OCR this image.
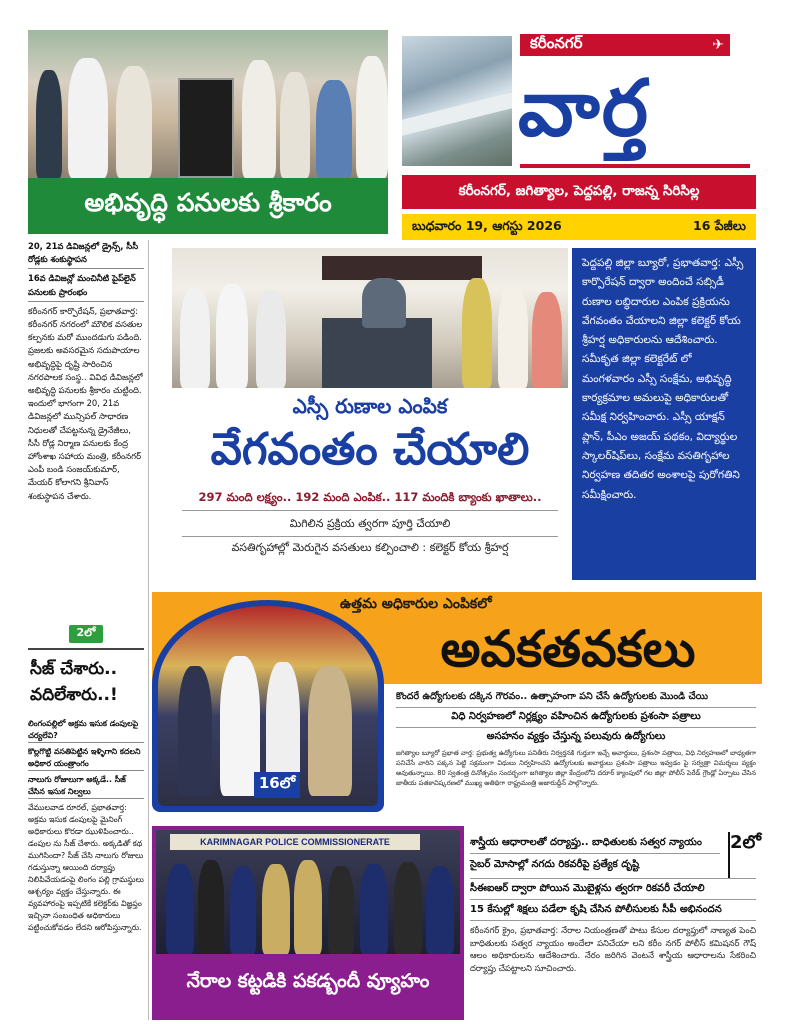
అభివృద్ధి పనులకు శ్రీకారం
కరీంనగర్	✈
వార్త
కరీంనగర్, జగిత్యాల, పెద్దపల్లి, రాజన్న సిరిసిల్ల
బుధవారం 19, ఆగస్టు 2026	16 పేజీలు

20, 21వ డివిజన్లలో డ్రైన్స్, సీసీ రోడ్లకు శంకుస్థాపన

16వ డివిజన్లో మంచినీటి పైప్‌లైన్ పనులకు ప్రారంభం

కరీంనగర్ కార్పొరేషన్, ప్రభాతవార్త: కరీంనగర్ నగరంలో మౌలిక వసతుల కల్పనకు మరో ముందడుగు పడింది. ప్రజలకు అవసరమైన సదుపాయాల అభివృద్ధిపై దృష్టి సారించిన నగరపాలక సంస్థ.. వివిధ డివిజన్లలో అభివృద్ధి పనులకు శ్రీకారం చుట్టింది. ఇందులో భాగంగా 20, 21వ డివిజన్లలో మున్సిపల్ సాధారణ నిధులతో చేపట్టనున్న డ్రైనేజీలు, సీసీ రోడ్ల నిర్మాణ పనులకు కేంద్ర హోంశాఖ సహాయ మంత్రి, కరీంనగర్ ఎంపీ బండి సంజయ్‌కుమార్, మేయర్ కోలాగని శ్రీనివాస్ శంకుస్థాపన చేశారు.

2లో
సీజ్ చేశారు.. వదిలేశారు..!

లింగంపల్లిలో అక్రమ ఇసుక డంపులపై చర్యలేవి?

కొల్లగొట్టి వసతిపెట్టిన ఇళ్ళిగాని కదలని అధికార యంత్రాంగం

నాలుగు రోజులుగా అక్కడే.. సీజ్ చేసిన ఇసుక నిల్వలు

వేములవాడ రూరల్, ప్రభాతవార్త: అక్రమ ఇసుక డంపులపై మైనింగ్ అధికారులు కొరడా ఝుళిపించారు.. డంపుల ను సీజ్ చేశారు. అక్కడితో కథ ముగిసిందా? సీజ్ చేసి నాలుగు రోజులు గడుస్తున్నా ఆయింది దర్యాప్తు నిలిపివేయడంపై లింగం పల్లి గ్రామస్థులు ఆశ్చర్యం వ్యక్తం చేస్తున్నారు. ఈ వ్యవహారంపై ఇప్పటికే కలెక్టర్‌కు విజ్ఞప్తం ఇచ్చినా సంబంధిత అధికారులు పట్టించుకోవడం లేదని ఆరోపిస్తున్నారు.

ఎస్సీ రుణాల ఎంపిక
వేగవంతం చేయాలి
297 మంది లక్ష్యం.. 192 మంది ఎంపిక.. 117 మందికి బ్యాంకు ఖాతాలు..
మిగిలిన ప్రక్రియ త్వరగా పూర్తి చేయాలి
వసతిగృహాల్లో మెరుగైన వసతులు కల్పించాలి : కలెక్టర్ కోయ శ్రీహర్ష
పెద్దపల్లి జిల్లా బ్యూరో, ప్రభాతవార్త: ఎస్సీ కార్పొరేషన్ ద్వారా అందించే సబ్సిడీ రుణాల లబ్ధిదారుల ఎంపిక ప్రక్రియను వేగవంతం చేయాలని జిల్లా కలెక్టర్ కోయ శ్రీహర్ష అధికారులను ఆదేశించారు. సమీకృత జిల్లా కలెక్టరేట్ లో మంగళవారం ఎస్సీ సంక్షేమ, అభివృద్ధి కార్యక్రమాల అమలుపై అధికారులతో సమీక్ష నిర్వహించారు. ఎస్సీ యాక్షన్ ప్లాన్, పీఎం అజయ్ పథకం, విద్యార్థుల స్కాలర్‌షిప్‌లు, సంక్షేమ వసతిగృహాల నిర్వహణ తదితర అంశాలపై పురోగతిని సమీక్షించారు.
ఉత్తమ అధికారుల ఎంపికలో
అవకతవకలు
16లో
కొందరే ఉద్యోగులకు దక్కిన గౌరవం.. ఉత్సాహంగా పని చేసే ఉద్యోగులకు మొండి చేయి
విధి నిర్వహణలో నిర్లక్ష్యం వహించిన ఉద్యోగులకు ప్రశంసా పత్రాలు
అసహనం వ్యక్తం చేస్తున్న పలువురు ఉద్యోగులు
జగిత్యాల బ్యూరో ప్రభాత వార్త: ప్రభుత్వ ఉద్యోగులు పనితీరు నిర్వర్తనకి గుర్తుగా ఇచ్చే అవార్డులు, ప్రశంసా పత్రాలు, విధి నిర్వహణలో బాధ్యతగా పనిచేసే వారిని పక్కన పెట్టి సక్రమంగా విధులు నిర్వహించని ఉద్యోగులకు అవార్డులు ప్రశంసా పత్రాలు ఇవ్వడం పై సర్వత్రా విమర్శలు వ్యక్తం అవుతున్నాయి. 80 స్వతంత్ర దినోత్సవం సందర్భంగా జగిత్యాల జిల్లా కేంద్రంలోని దరూర్ క్యాంపులో గల జిల్లా పోలీస్ పెరేడ్ గ్రౌండ్లో ఏర్పాటు చేసిన జాతీయ పతకావిష్కరణలో ముఖ్య అతిథిగా రాష్ట్రమంత్రి అజారుద్దీన్ పాల్గొన్నారు.
KARIMNAGAR POLICE COMMISSIONERATE
నేరాల కట్టడికి పకడ్బందీ వ్యూహం
శాస్త్రీయ ఆధారాలతో దర్యాప్తు.. బాధితులకు సత్వర న్యాయం
సైబర్ మోసాల్లో నగదు రికవరీపై ప్రత్యేక దృష్టి
2లో
సీఈఐఆర్ ద్వారా పోయిన మొబైళ్లను త్వరగా రికవరీ చేయాలి
15 కేసుల్లో శిక్షలు పడేలా కృషి చేసిన పోలీసులకు సీపీ అభినందన
కరీంనగర్ క్రైం, ప్రభాతవార్త: నేరాల నియంత్రణతో పాటు కేసుల దర్యాప్తులో నాణ్యత పెంచి బాధితులకు సత్వర న్యాయం అందేలా పనిచేయా లని కరీం నగర్ పోలీస్ కమిషనర్ గౌష్ ఆలం అధికారులను ఆదేశించారు. నేరం జరిగిన వెంటనే శాస్త్రీయ ఆధారాలను సేకరించి దర్యాప్తు చేపట్టాలని సూచించారు.
